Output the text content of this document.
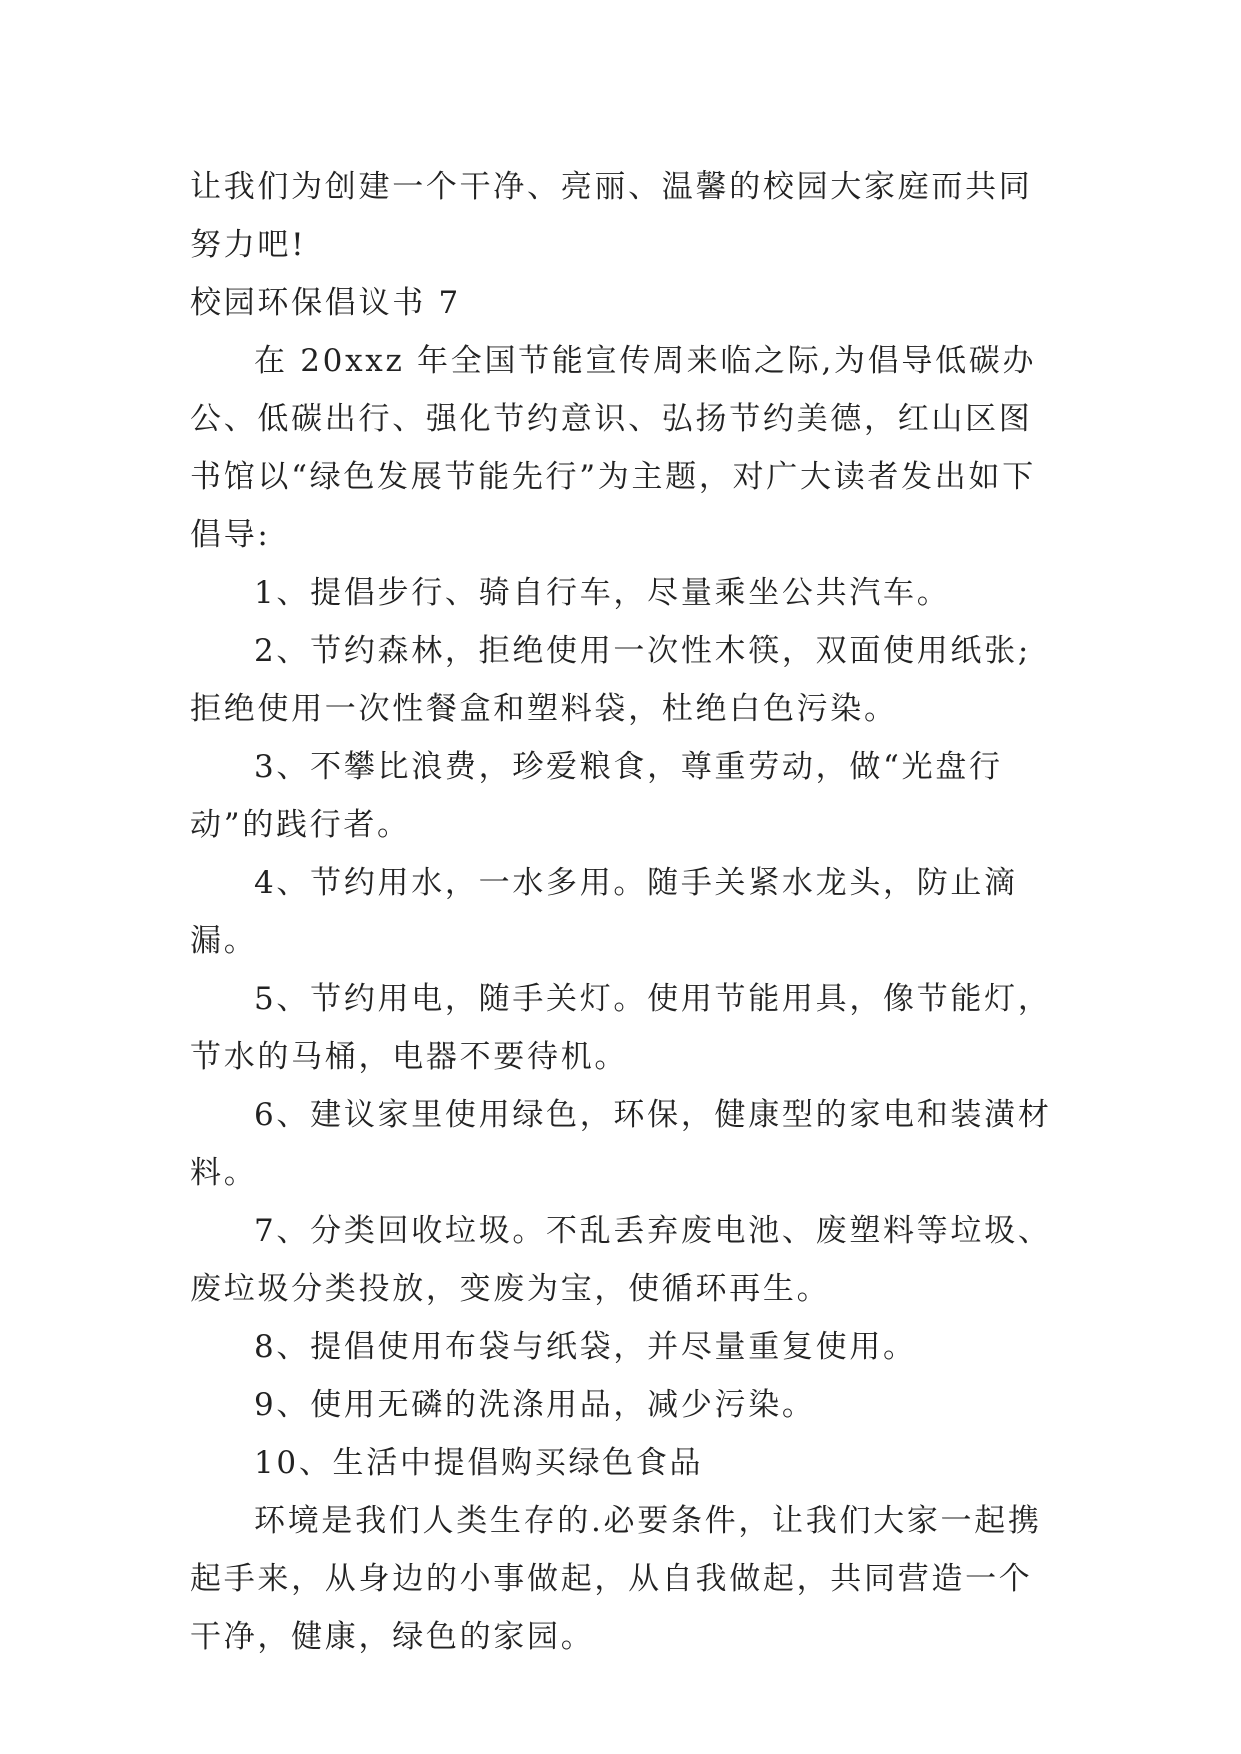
让我们为创建一个干净、亮丽、温馨的校园大家庭而共同努力吧!

校园环保倡议书 7

在 20xxz 年全国节能宣传周来临之际,为倡导低碳办公、低碳出行、强化节约意识、弘扬节约美德，红山区图书馆以“绿色发展节能先行”为主题，对广大读者发出如下倡导:

1、提倡步行、骑自行车，尽量乘坐公共汽车。

2、节约森林，拒绝使用一次性木筷，双面使用纸张;拒绝使用一次性餐盒和塑料袋，杜绝白色污染。

3、不攀比浪费，珍爱粮食，尊重劳动，做“光盘行动”的践行者。

4、节约用水，一水多用。随手关紧水龙头，防止滴漏。

5、节约用电，随手关灯。使用节能用具，像节能灯，节水的马桶，电器不要待机。

6、建议家里使用绿色，环保，健康型的家电和装潢材料。

7、分类回收垃圾。不乱丢弃废电池、废塑料等垃圾、废垃圾分类投放，变废为宝，使循环再生。

8、提倡使用布袋与纸袋，并尽量重复使用。

9、使用无磷的洗涤用品，减少污染。

10、生活中提倡购买绿色食品

环境是我们人类生存的.必要条件，让我们大家一起携起手来，从身边的小事做起，从自我做起，共同营造一个干净，健康，绿色的家园。
